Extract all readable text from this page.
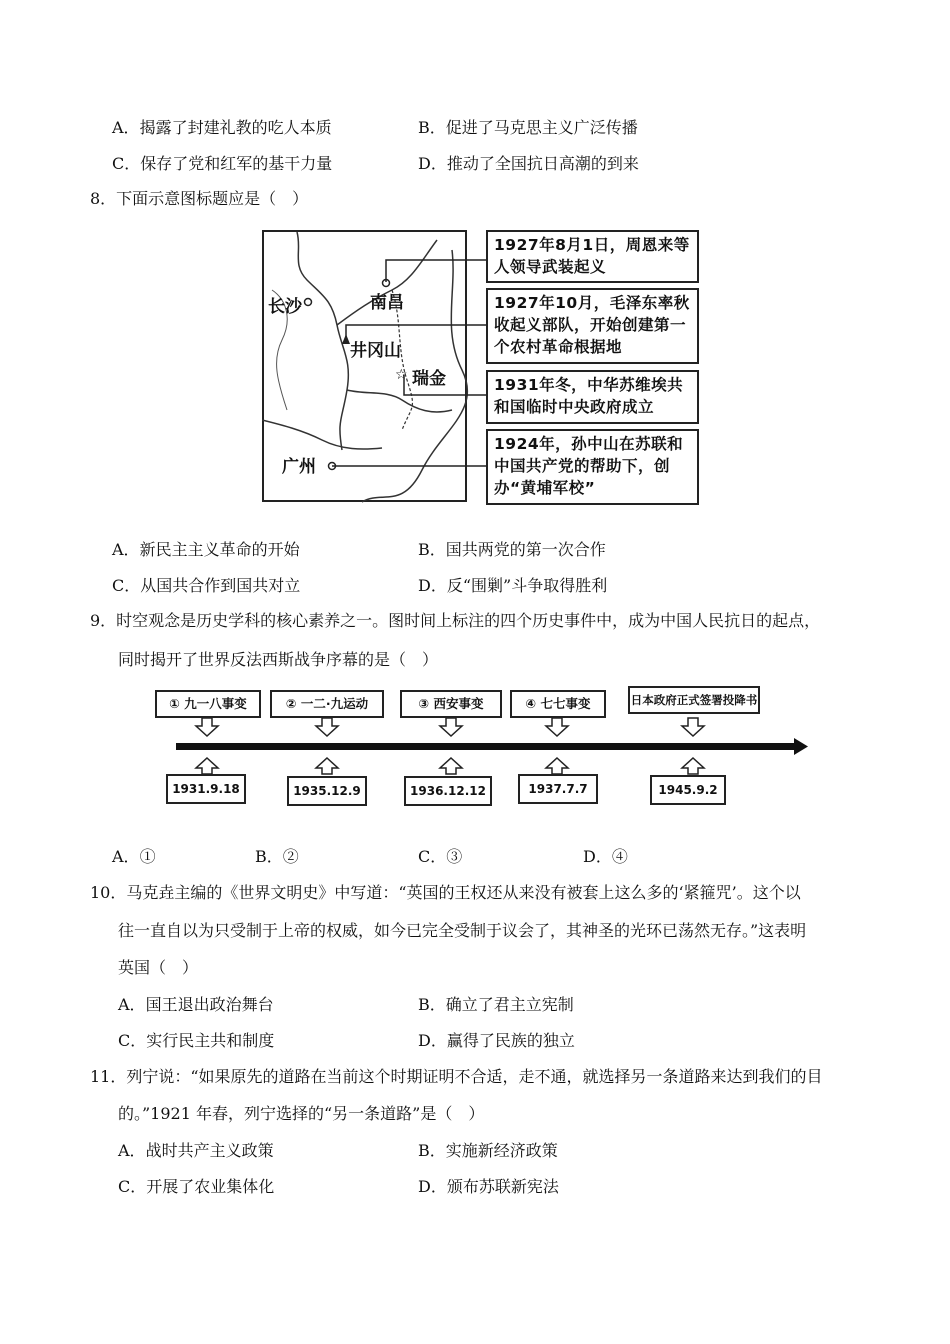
A．揭露了封建礼教的吃人本质	B．促进了马克思主义广泛传播
C．保存了党和红军的基干力量	D．推动了全国抗日高潮的到来
8．下面示意图标题应是（　）
☆
长沙	南昌
井冈山
瑞金
广州
1927年8月1日，周恩来等人领导武装起义
1927年10月，毛泽东率秋收起义部队，开始创建第一个农村革命根据地
1931年冬，中华苏维埃共和国临时中央政府成立
1924年，孙中山在苏联和中国共产党的帮助下，创办“黄埔军校”
A．新民主主义革命的开始	B．国共两党的第一次合作
C．从国共合作到国共对立	D．反“围剿”斗争取得胜利
9．时空观念是历史学科的核心素养之一。图时间上标注的四个历史事件中，成为中国人民抗日的起点，
同时揭开了世界反法西斯战争序幕的是（　）
① 九一八事变	② 一二·九运动	③ 西安事变	④ 七七事变	日本政府正式签署投降书
1931.9.18	1935.12.9	1936.12.12	1937.7.7	1945.9.2
A．①	B．②	C．③	D．④
10．马克垚主编的《世界文明史》中写道：“英国的王权还从来没有被套上这么多的‘紧箍咒’。这个以
往一直自以为只受制于上帝的权威，如今已完全受制于议会了，其神圣的光环已荡然无存。”这表明
英国（　）
A．国王退出政治舞台	B．确立了君主立宪制
C．实行民主共和制度	D．赢得了民族的独立
11．列宁说：“如果原先的道路在当前这个时期证明不合适，走不通，就选择另一条道路来达到我们的目
的。”1921 年春，列宁选择的“另一条道路”是（　）
A．战时共产主义政策	B．实施新经济政策
C．开展了农业集体化	D．颁布苏联新宪法
